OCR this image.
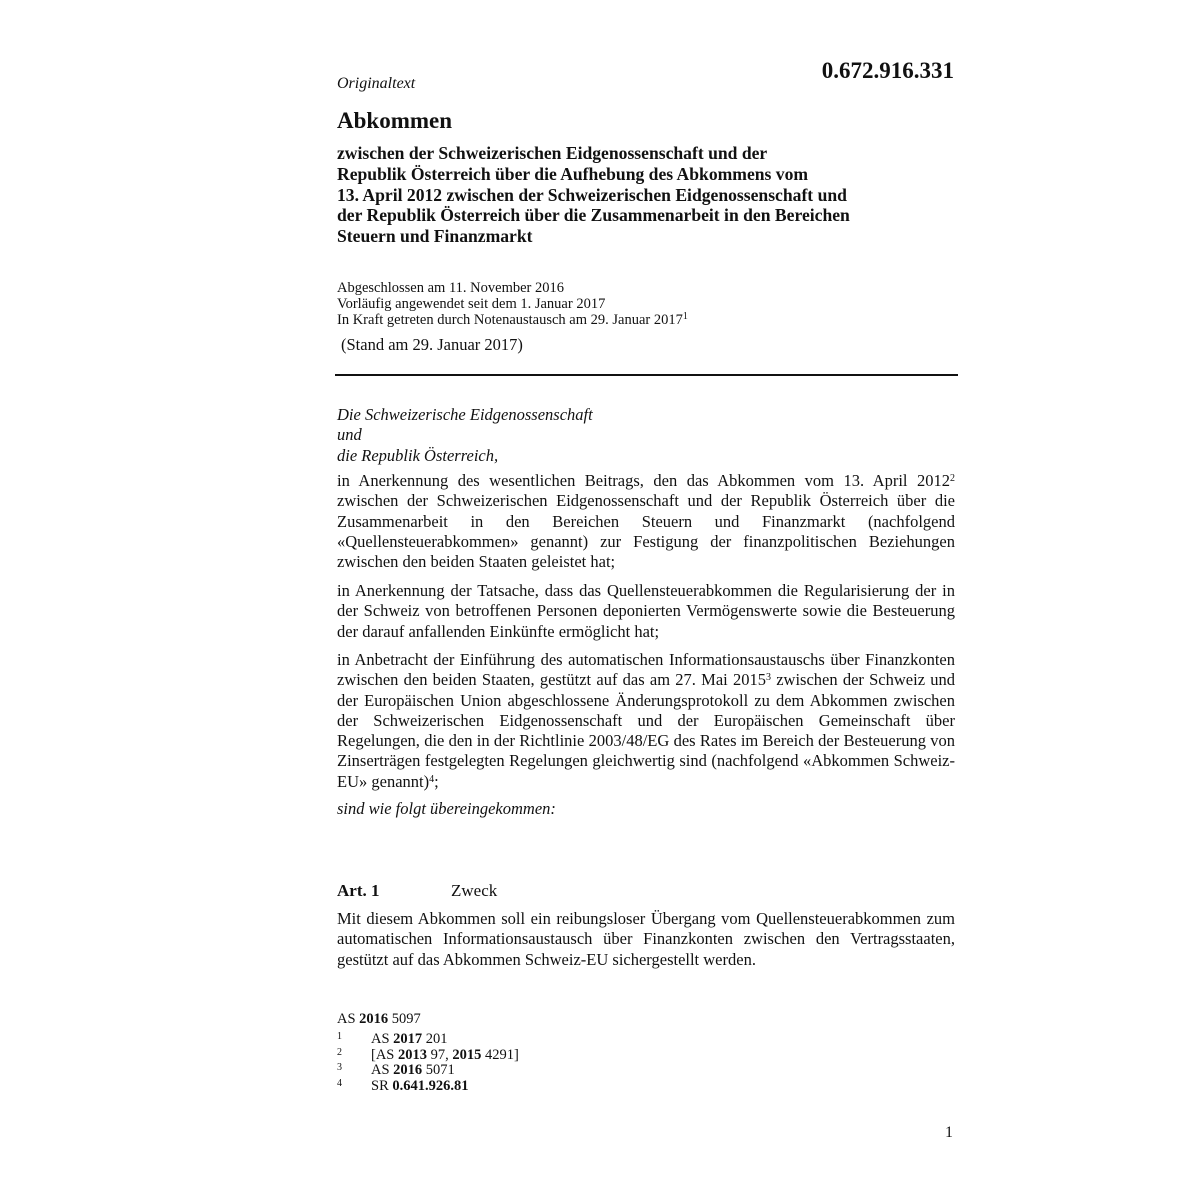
0.672.916.331
Originaltext
Abkommen
zwischen der Schweizerischen Eidgenossenschaft und der
Republik Österreich über die Aufhebung des Abkommens vom
13. April 2012 zwischen der Schweizerischen Eidgenossenschaft und
der Republik Österreich über die Zusammenarbeit in den Bereichen
Steuern und Finanzmarkt
Abgeschlossen am 11. November 2016
Vorläufig angewendet seit dem 1. Januar 2017
In Kraft getreten durch Notenaustausch am 29. Januar 2017$^1$
(Stand am 29. Januar 2017)
Die Schweizerische Eidgenossenschaft
und
die Republik Österreich,
in Anerkennung des wesentlichen Beitrags, den das Abkommen vom 13. April 2012$^2$ zwischen der Schweizerischen Eidgenossenschaft und der Republik Österreich über die Zusammenarbeit in den Bereichen Steuern und Finanzmarkt (nachfolgend «Quellensteuerabkommen» genannt) zur Festigung der finanzpolitischen Beziehungen zwischen den beiden Staaten geleistet hat;
in Anerkennung der Tatsache, dass das Quellensteuerabkommen die Regularisierung der in der Schweiz von betroffenen Personen deponierten Vermögenswerte sowie die Besteuerung der darauf anfallenden Einkünfte ermöglicht hat;
in Anbetracht der Einführung des automatischen Informationsaustauschs über Finanzkonten zwischen den beiden Staaten, gestützt auf das am 27. Mai 2015$^3$ zwischen der Schweiz und der Europäischen Union abgeschlossene Änderungsprotokoll zu dem Abkommen zwischen der Schweizerischen Eidgenossenschaft und der Europäischen Gemeinschaft über Regelungen, die den in der Richtlinie 2003/48/EG des Rates im Bereich der Besteuerung von Zinserträgen festgelegten Regelungen gleichwertig sind (nachfolgend «Abkommen Schweiz-EU» genannt)$^4$;
sind wie folgt übereingekommen:
Art. 1	Zweck
Mit diesem Abkommen soll ein reibungsloser Übergang vom Quellensteuerabkommen zum automatischen Informationsaustausch über Finanzkonten zwischen den Vertragsstaaten, gestützt auf das Abkommen Schweiz-EU sichergestellt werden.
AS 2016 5097
1 AS 2017 201
2 [AS 2013 97, 2015 4291]
3 AS 2016 5071
4 SR 0.641.926.81
1
